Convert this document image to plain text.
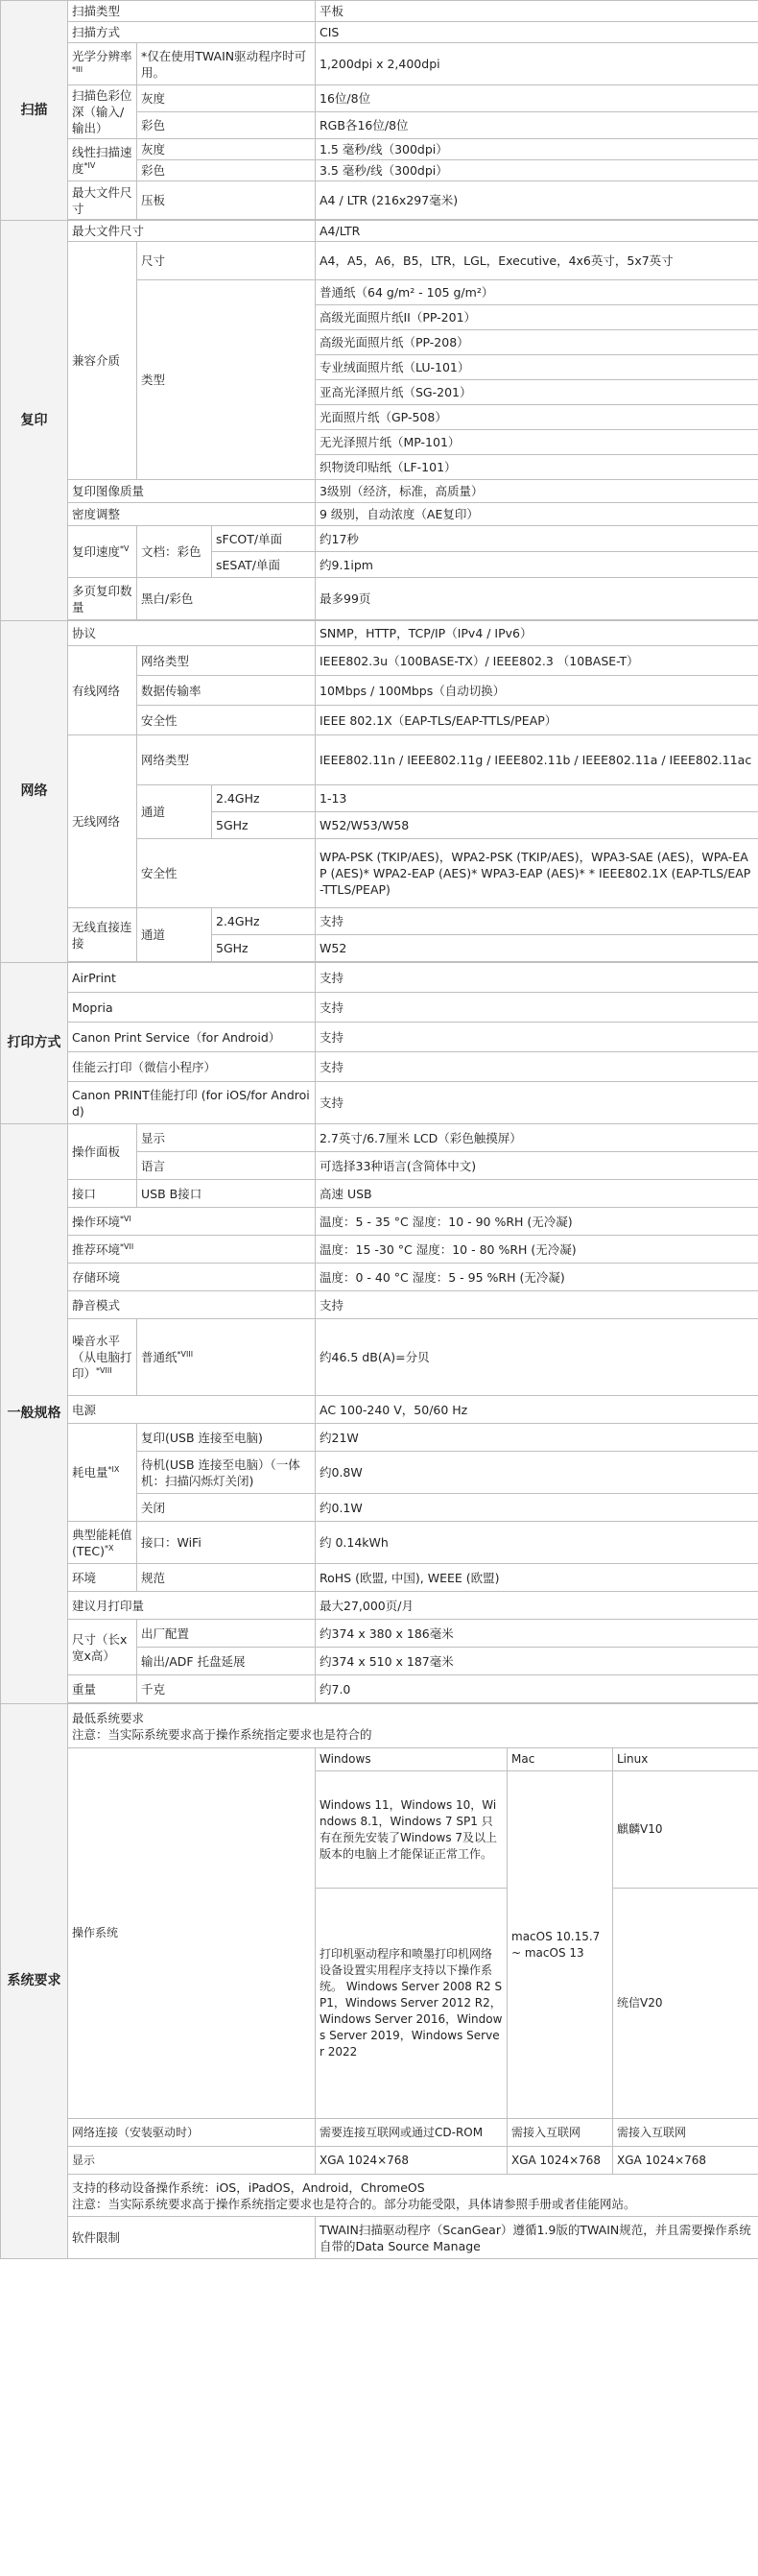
扫描	扫描类型			平板		
	扫描方式			CIS		
	光学分辨率$^{*III}$	*仅在使用TWAIN驱动程序时可用。		1,200dpi x 2,400dpi		
	扫描色彩位深（输入/输出）	灰度		16位/8位		
		彩色		RGB各16位/8位		
	线性扫描速度$^{*IV}$	灰度		1.5 毫秒/线（300dpi）		
		彩色		3.5 毫秒/线（300dpi）		
	最大文件尺寸	压板		A4 / LTR (216x297毫米)		

复印	最大文件尺寸			A4/LTR		
	兼容介质	尺寸		A4，A5，A6，B5，LTR，LGL，Executive，4x6英寸，5x7英寸		
		类型		普通纸（64 g/m² - 105 g/m²）		
				高级光面照片纸II（PP-201）		
				高级光面照片纸（PP-208）		
				专业绒面照片纸（LU-101）		
				亚高光泽照片纸（SG-201）		
				光面照片纸（GP-508）		
				无光泽照片纸（MP-101）		
				织物烫印贴纸（LF-101）		
	复印图像质量			3级别（经济，标准，高质量）		
	密度调整			9 级别，自动浓度（AE复印）		
	复印速度$^{*V}$	文档：彩色	sFCOT/单面	约17秒		
			sESAT/单面	约9.1ipm		
	多页复印数量	黑白/彩色		最多99页		

网络	协议			SNMP，HTTP，TCP/IP（IPv4 / IPv6）		
	有线网络	网络类型		IEEE802.3u（100BASE-TX）/ IEEE802.3 （10BASE-T）		
		数据传输率		10Mbps / 100Mbps（自动切换）		
		安全性		IEEE 802.1X（EAP-TLS/EAP-TTLS/PEAP）		
	无线网络	网络类型		IEEE802.11n / IEEE802.11g / IEEE802.11b / IEEE802.11a / IEEE802.11ac		
		通道	2.4GHz	1-13		
			5GHz	W52/W53/W58		
		安全性		WPA-PSK (TKIP/AES)，WPA2-PSK (TKIP/AES)，WPA3-SAE (AES)，WPA-EAP (AES)* WPA2-EAP (AES)* WPA3-EAP (AES)* * IEEE802.1X (EAP-TLS/EAP-TTLS/PEAP)		
	无线直接连接	通道	2.4GHz	支持		
			5GHz	W52		

打印方式	AirPrint			支持		
	Mopria			支持		
	Canon Print Service（for Android）			支持		
	佳能云打印（微信小程序）			支持		
	Canon PRINT佳能打印 (for iOS/for Android)			支持		
一般规格	操作面板	显示		2.7英寸/6.7厘米 LCD（彩色触摸屏）		
		语言		可选择33种语言(含简体中文)		
	接口	USB B接口		高速 USB		
	操作环境$^{*VI}$			温度：5 - 35 °C 湿度：10 - 90 %RH (无冷凝)		
	推荐环境$^{*VII}$			温度：15 -30 °C 湿度：10 - 80 %RH (无冷凝)		
	存储环境			温度：0 - 40 °C 湿度：5 - 95 %RH (无冷凝)		
	静音模式			支持		
	噪音水平（从电脑打印）$^{*VIII}$	普通纸$^{*VIII}$		约46.5 dB(A)=分贝		
	电源			AC 100-240 V，50/60 Hz		
	耗电量$^{*IX}$	复印(USB 连接至电脑)		约21W		
		待机(USB 连接至电脑）（一体机：扫描闪烁灯关闭)		约0.8W		
		关闭		约0.1W		
	典型能耗值(TEC)$^{*X}$	接口：WiFi		约 0.14kWh		
	环境	规范		RoHS (欧盟, 中国), WEEE (欧盟)		
	建议月打印量			最大27,000页/月		
	尺寸（长x宽x高）	出厂配置		约374 x 380 x 186毫米		
		输出/ADF 托盘延展		约374 x 510 x 187毫米		
	重量	千克		约7.0		

系统要求	最低系统要求
注意：当实际系统要求高于操作系统指定要求也是符合的					

	操作系统			Windows	Mac	Linux
				Windows 11，Windows 10，Windows 8.1，Windows 7 SP1 只有在预先安装了Windows 7及以上版本的电脑上才能保证正常工作。	macOS 10.15.7 ~ macOS 13	麒麟V10
				打印机驱动程序和喷墨打印机网络设备设置实用程序支持以下操作系统。 Windows Server 2008 R2 SP1，Windows Server 2012 R2，Windows Server 2016，Windows Server 2019，Windows Server 2022		统信V20
	网络连接（安装驱动时）			需要连接互联网或通过CD-ROM	需接入互联网	需接入互联网
	显示			XGA 1024×768	XGA 1024×768	XGA 1024×768

	支持的移动设备操作系统：iOS，iPadOS，Android，ChromeOS
注意：当实际系统要求高于操作系统指定要求也是符合的。部分功能受限，具体请参照手册或者佳能网站。					

	软件限制			TWAIN扫描驱动程序（ScanGear）遵循1.9版的TWAIN规范，并且需要操作系统自带的Data Source Manage		
